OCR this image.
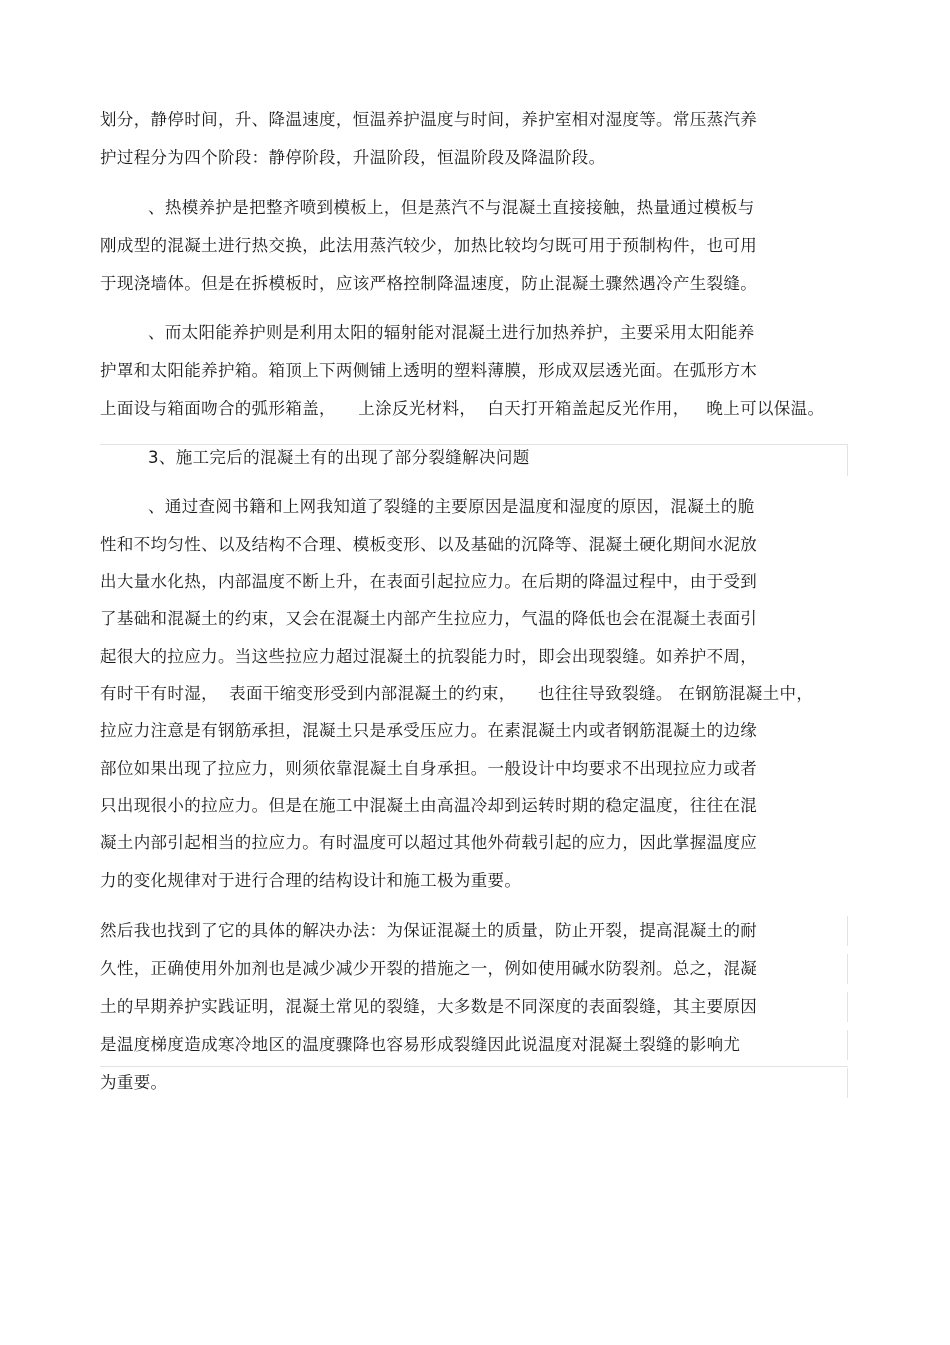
划分，静停时间，升、降温速度，恒温养护温度与时间，养护室相对湿度等。常压蒸汽养
护过程分为四个阶段：静停阶段，升温阶段，恒温阶段及降温阶段。
、热模养护是把整齐喷到模板上，但是蒸汽不与混凝土直接接触，热量通过模板与
刚成型的混凝土进行热交换，此法用蒸汽较少，加热比较均匀既可用于预制构件，也可用
于现浇墙体。但是在拆模板时，应该严格控制降温速度，防止混凝土骤然遇冷产生裂缝。
、而太阳能养护则是利用太阳的辐射能对混凝土进行加热养护，主要采用太阳能养
护罩和太阳能养护箱。箱顶上下两侧铺上透明的塑料薄膜，形成双层透光面。在弧形方木
上面设与箱面吻合的弧形箱盖，    上涂反光材料，  白天打开箱盖起反光作用，   晚上可以保温。
3、施工完后的混凝土有的出现了部分裂缝解决问题
、通过查阅书籍和上网我知道了裂缝的主要原因是温度和湿度的原因，混凝土的脆
性和不均匀性、以及结构不合理、模板变形、以及基础的沉降等、混凝土硬化期间水泥放
出大量水化热，内部温度不断上升，在表面引起拉应力。在后期的降温过程中，由于受到
了基础和混凝土的约束，又会在混凝土内部产生拉应力，气温的降低也会在混凝土表面引
起很大的拉应力。当这些拉应力超过混凝土的抗裂能力时，即会出现裂缝。如养护不周，
有时干有时湿，  表面干缩变形受到内部混凝土的约束，    也往往导致裂缝。 在钢筋混凝土中，
拉应力注意是有钢筋承担，混凝土只是承受压应力。在素混凝土内或者钢筋混凝土的边缘
部位如果出现了拉应力，则须依靠混凝土自身承担。一般设计中均要求不出现拉应力或者
只出现很小的拉应力。但是在施工中混凝土由高温冷却到运转时期的稳定温度，往往在混
凝土内部引起相当的拉应力。有时温度可以超过其他外荷载引起的应力，因此掌握温度应
力的变化规律对于进行合理的结构设计和施工极为重要。
然后我也找到了它的具体的解决办法：为保证混凝土的质量，防止开裂，提高混凝土的耐
久性，正确使用外加剂也是减少减少开裂的措施之一，例如使用碱水防裂剂。总之，混凝
土的早期养护实践证明，混凝土常见的裂缝，大多数是不同深度的表面裂缝，其主要原因
是温度梯度造成寒冷地区的温度骤降也容易形成裂缝因此说温度对混凝土裂缝的影响尤
为重要。
